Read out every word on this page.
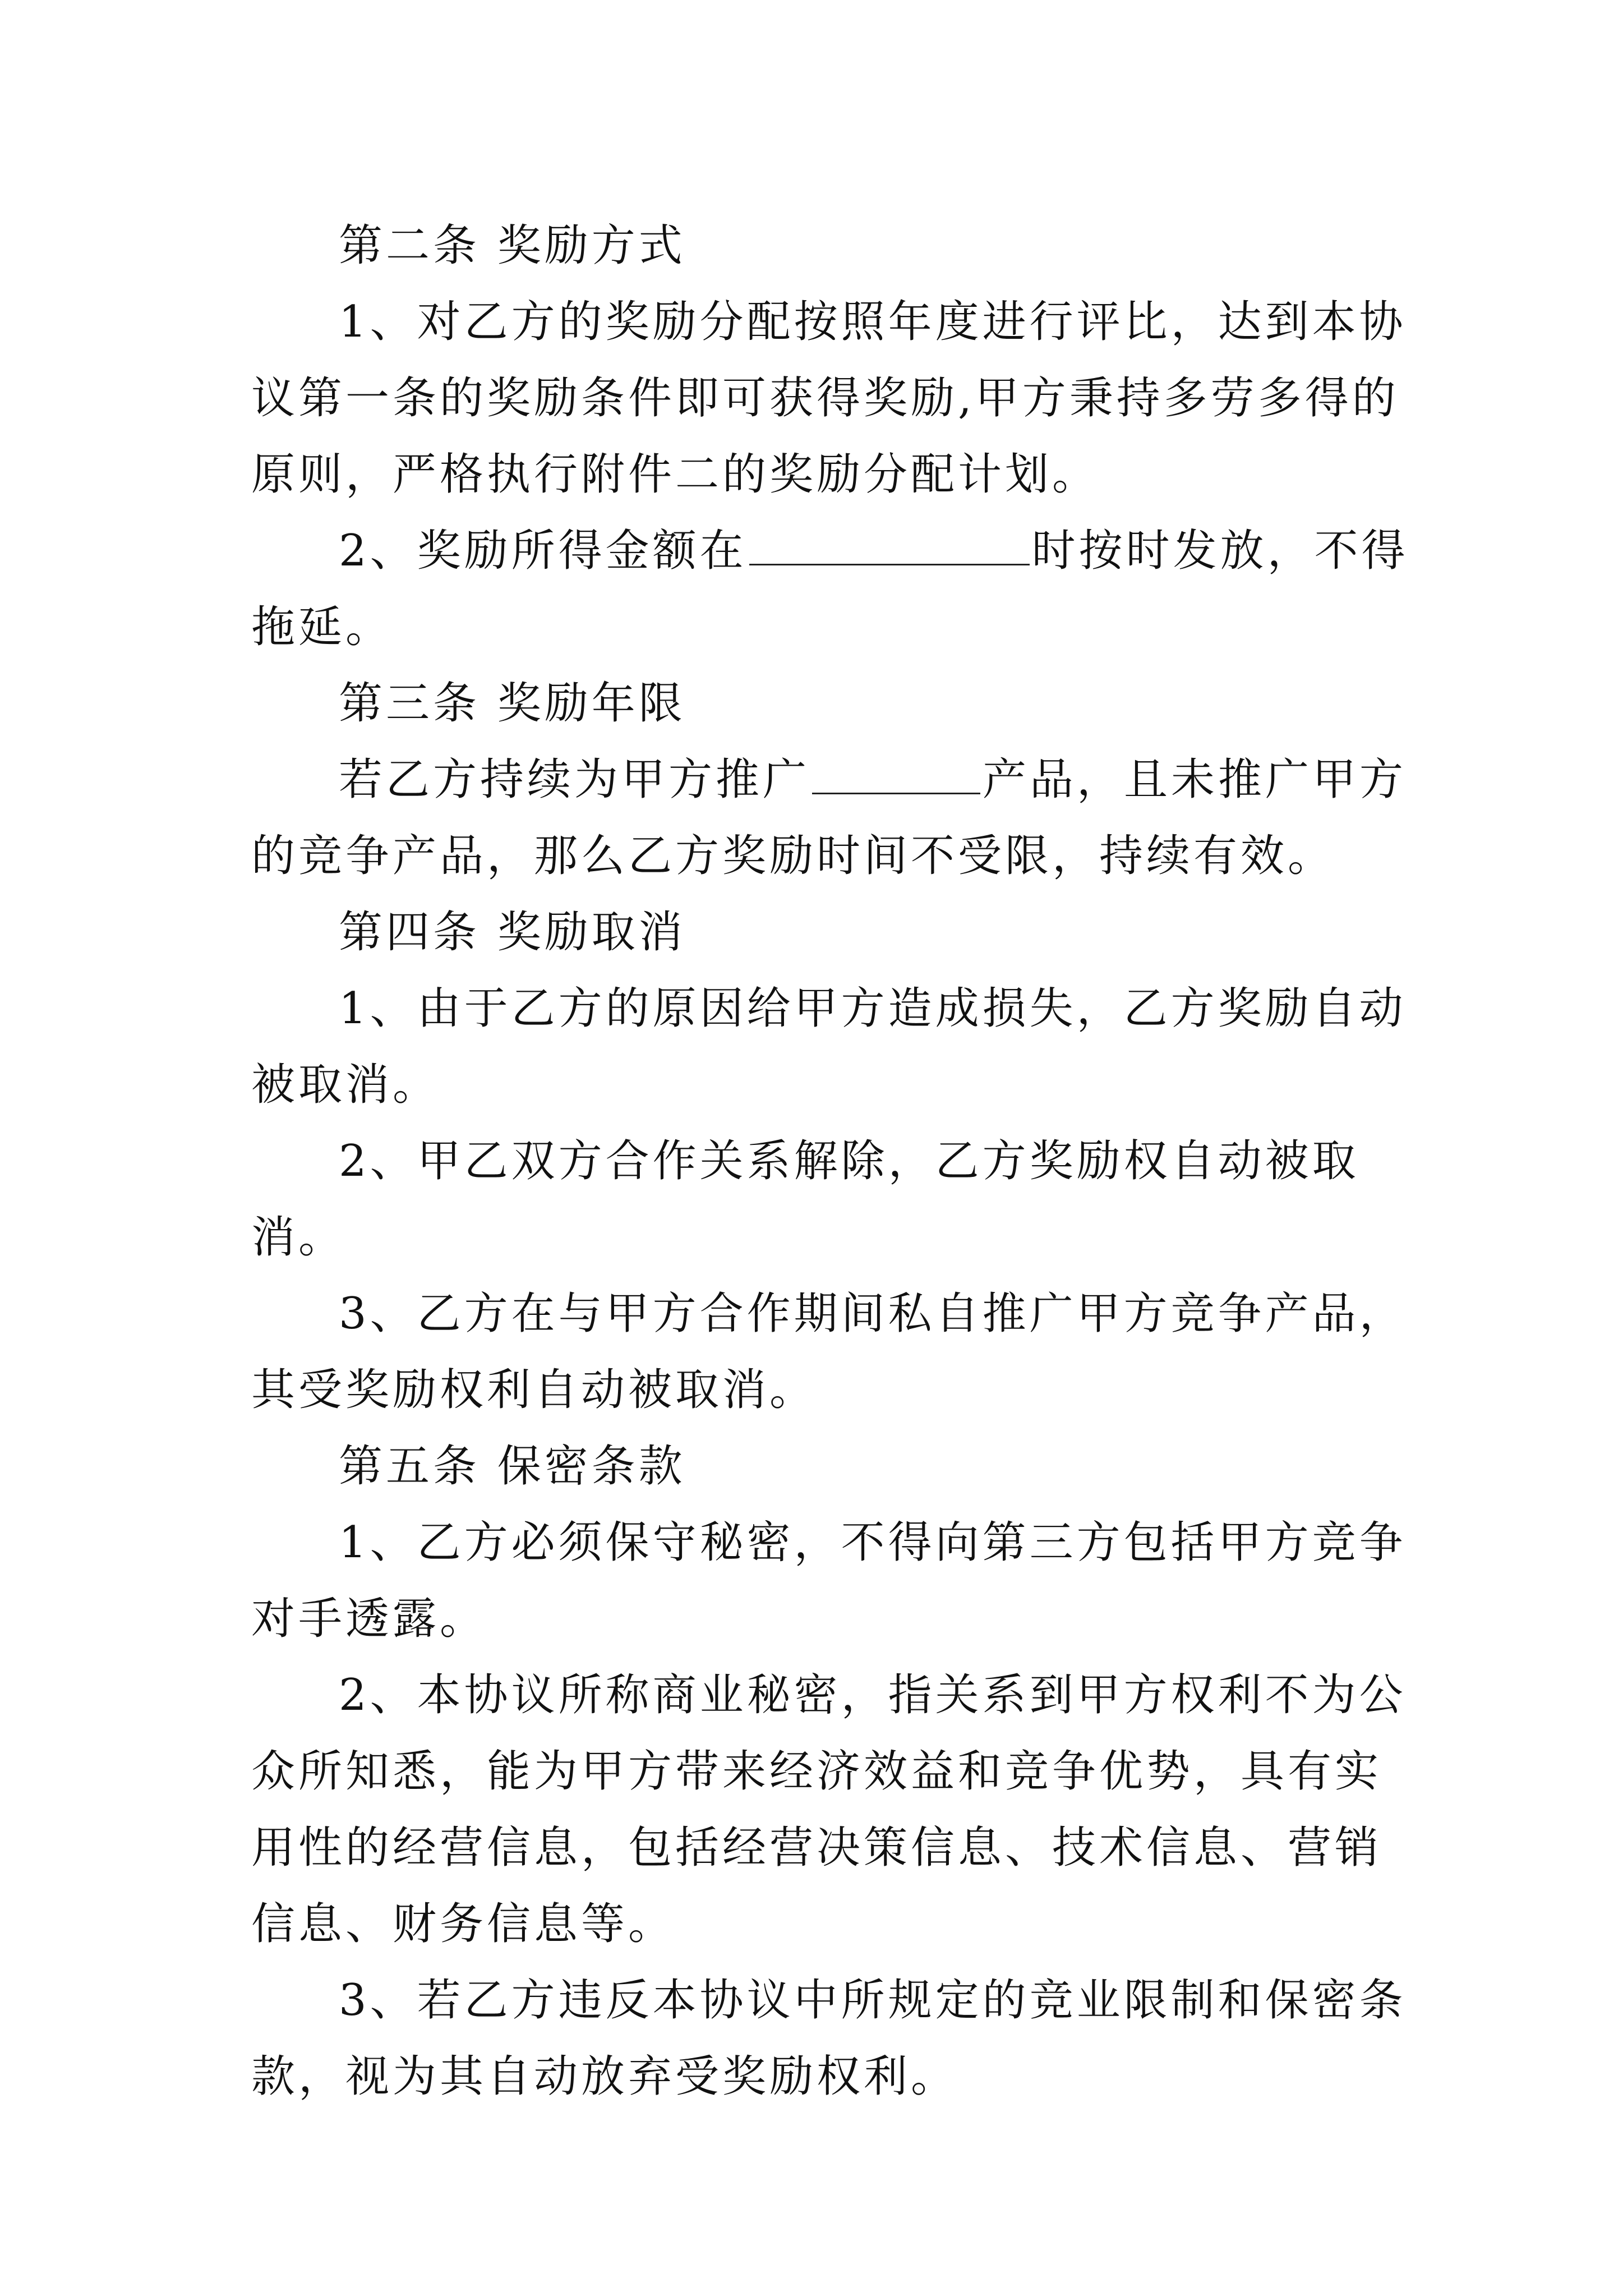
第二条 奖励方式

1、对乙方的奖励分配按照年度进行评比，达到本协议第一条的奖励条件即可获得奖励,甲方秉持多劳多得的原则，严格执行附件二的奖励分配计划。

2、奖励所得金额在	时按时发放，不得拖延。

第三条 奖励年限

若乙方持续为甲方推广	产品，且未推广甲方的竞争产品，那么乙方奖励时间不受限，持续有效。

第四条 奖励取消

1、由于乙方的原因给甲方造成损失，乙方奖励自动被取消。

2、甲乙双方合作关系解除，乙方奖励权自动被取消。

3、乙方在与甲方合作期间私自推广甲方竞争产品，其受奖励权利自动被取消。

第五条 保密条款

1、乙方必须保守秘密，不得向第三方包括甲方竞争对手透露。

2、本协议所称商业秘密，指关系到甲方权利不为公众所知悉，能为甲方带来经济效益和竞争优势，具有实用性的经营信息，包括经营决策信息、技术信息、营销信息、财务信息等。

3、若乙方违反本协议中所规定的竞业限制和保密条款，视为其自动放弃受奖励权利。
